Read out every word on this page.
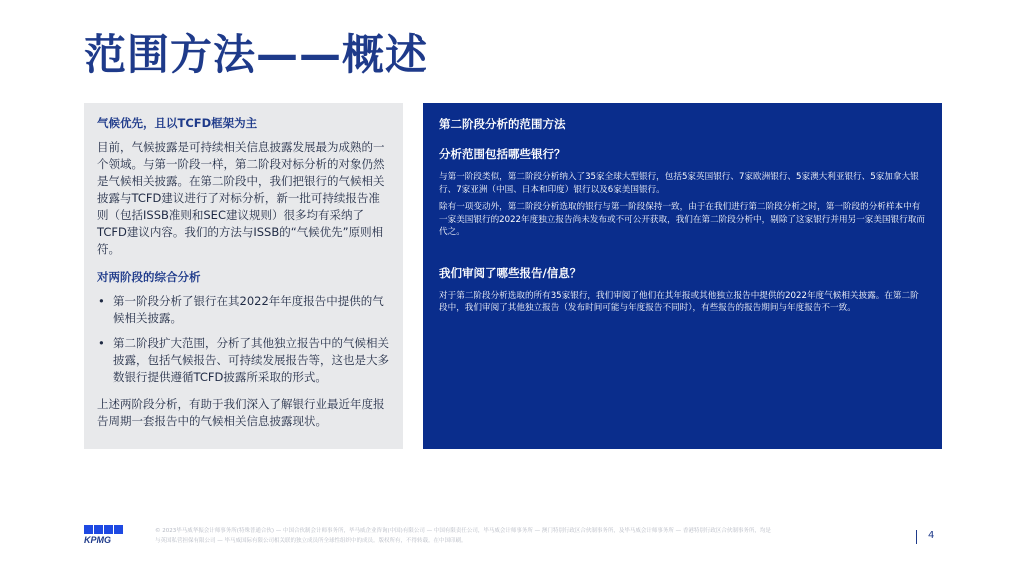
范围方法——概述
气候优先，且以TCFD框架为主
目前，气候披露是可持续相关信息披露发展最为成熟的一个领域。与第一阶段一样，第二阶段对标分析的对象仍然是气候相关披露。在第二阶段中，我们把银行的气候相关披露与TCFD建议进行了对标分析，新一批可持续报告准则（包括ISSB准则和SEC建议规则）很多均有采纳了TCFD建议内容。我们的方法与ISSB的“气候优先”原则相符。
对两阶段的综合分析
• 第一阶段分析了银行在其2022年年度报告中提供的气候相关披露。
• 第二阶段扩大范围，分析了其他独立报告中的气候相关披露，包括气候报告、可持续发展报告等，这也是大多数银行提供遵循TCFD披露所采取的形式。
上述两阶段分析，有助于我们深入了解银行业最近年度报告周期一套报告中的气候相关信息披露现状。
第二阶段分析的范围方法
分析范围包括哪些银行？
与第一阶段类似，第二阶段分析纳入了35家全球大型银行，包括5家英国银行、7家欧洲银行、5家澳大利亚银行、5家加拿大银行、7家亚洲（中国、日本和印度）银行以及6家美国银行。
除有一项变动外，第二阶段分析选取的银行与第一阶段保持一致，由于在我们进行第二阶段分析之时，第一阶段的分析样本中有一家美国银行的2022年度独立报告尚未发布或不可公开获取，我们在第二阶段分析中，剔除了这家银行并用另一家美国银行取而代之。
我们审阅了哪些报告/信息？
对于第二阶段分析选取的所有35家银行，我们审阅了他们在其年报或其他独立报告中提供的2022年度气候相关披露。在第二阶段中，我们审阅了其他独立报告（发布时间可能与年度报告不同时），有些报告的报告期间与年度报告不一致。
KPMG
© 2023毕马威华振会计师事务所(特殊普通合伙) — 中国合伙制会计师事务所，毕马威企业咨询(中国)有限公司 — 中国有限责任公司，毕马威会计师事务所 — 澳门特别行政区合伙制事务所，及毕马威会计师事务所 — 香港特别行政区合伙制事务所，均是与英国私营担保有限公司 — 毕马威国际有限公司相关联的独立成员所全球性组织中的成员。版权所有，不得转载。在中国印刷。	4
